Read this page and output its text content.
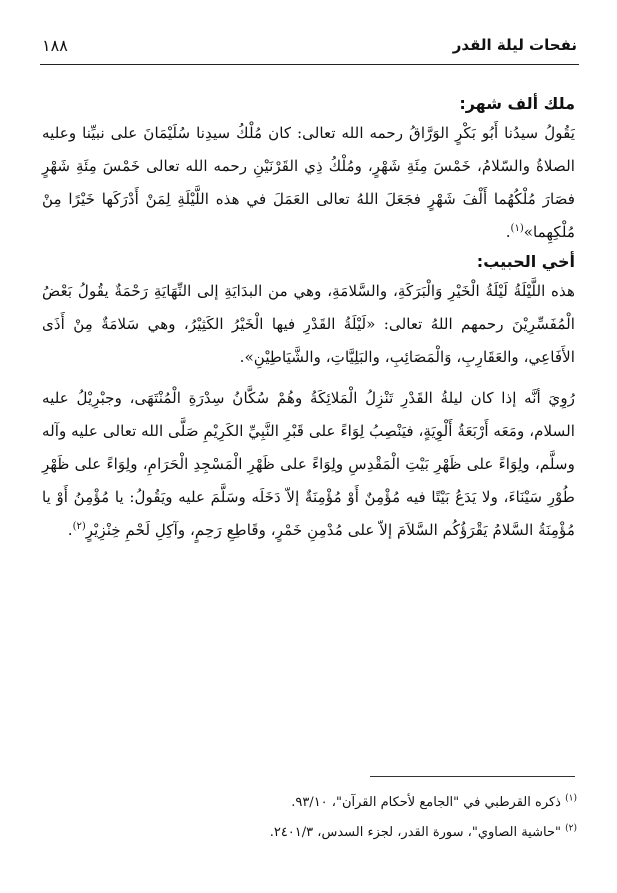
نفحات ليلة القدر
١٨٨

ملك ألف شهر:

يَقُولُ سيدُنا أَبُو بَكْرٍ الوَرَّاقُ رحمه الله تعالى: كان مُلْكُ سيدِنا سُلَيْمَانَ على نبيِّنا وعليه الصلاةُ والسّلامُ، خَمْسَ مِئَةِ شَهْرٍ، ومُلْكُ ذِي القَرْنَيْنِ رحمه الله تعالى خَمْسَ مِئَةِ شَهْرٍ فصَارَ مُلْكُهُما أَلْفَ شَهْرٍ فجَعَلَ اللهُ تعالى العَمَلَ في هذه اللَّيْلَةِ لِمَنْ أَدْرَكَها خَيْرًا مِنْ مُلْكِهِما»$^{(١)}$.

أخي الحبيب:

هذه اللَّيْلَةُ لَيْلَةُ الْخَيْرِ وَالْبَرَكَةِ، والسَّلامَةِ، وهي من البدَايَةِ إلى النِّهَايَةِ رَحْمَةٌ يقُولُ بَعْضُ الْمُفَسِّرِيْنَ رحمهم اللهُ تعالى: «لَيْلَةُ القَدْرِ فيها الْخَيْرُ الكَثِيْرُ، وهي سَلامَةٌ مِنْ أَذَى الأَفَاعِي، والعَقَارِبِ، وَالْمَصَائِبِ، والبَلِيَّاتِ، والشَّيَاطِيْنِ».

رُوِيَ أنَّه إذا كان ليلةُ القَدْرِ تَنْزِلُ الْمَلائِكَةُ وهُمْ سُكَّانُ سِدْرَةِ الْمُنْتَهَى، وجبْرِيْلُ عليه السلام، ومَعَه أَرْبَعَةُ أَلْوِيَةٍ، فيَنْصِبُ لِوَاءً على قَبْرِ النَّبِيِّ الكَرِيْمِ صَلَّى الله تعالى عليه وآله وسلَّم، ولِوَاءً على ظَهْرِ بَيْتِ الْمَقْدِسِ ولِوَاءً على ظَهْرِ الْمَسْجِدِ الْحَرَامِ، ولِوَاءً على ظَهْرِ طُوْرِ سَيْنَاءَ، ولا يَدَعُ بَيْتًا فيه مُؤْمِنٌ أَوْ مُؤْمِنَةٌ إلاّ دَخَلَه وسَلَّمَ عليه ويَقُولُ: يا مُؤْمِنُ أَوْ يا مُؤْمِنَةُ السَّلامُ يَقْرَؤُكُم السَّلاَمَ إلاّ على مُدْمِنِ خَمْرٍ، وقَاطِعِ رَحِمٍ، وآكِلِ لَحْمِ خِنْزِيْرٍ$^{(٢)}$.

$^{(١)}$ ذكره القرطبي في "الجامع لأحكام القرآن"، ٩٣/١٠.

$^{(٢)}$ "حاشية الصاوي"، سورة القدر، لجزء السدس، ٢٤٠١/٣.
